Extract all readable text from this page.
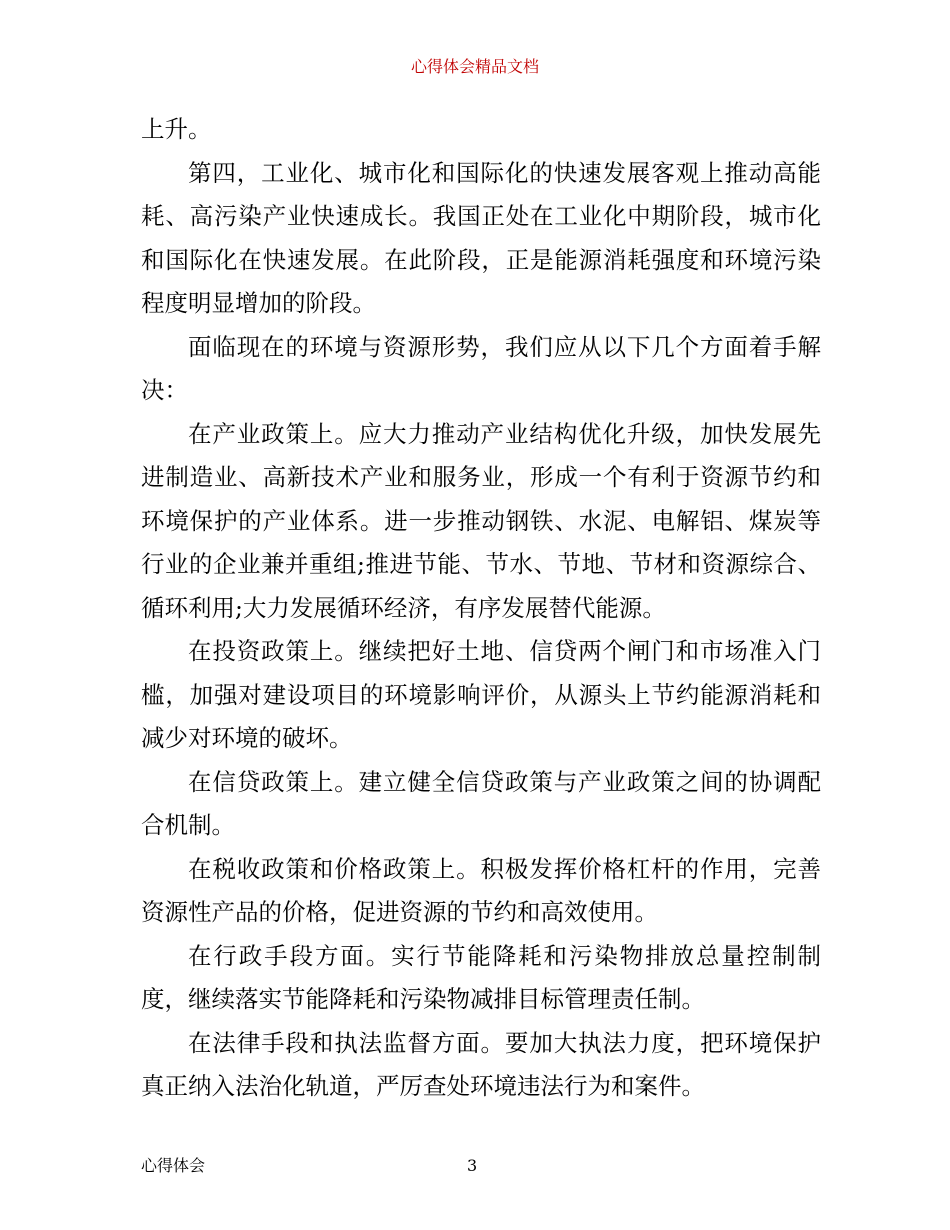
心得体会精品文档

上升。

第四，工业化、城市化和国际化的快速发展客观上推动高能耗、高污染产业快速成长。我国正处在工业化中期阶段，城市化和国际化在快速发展。在此阶段，正是能源消耗强度和环境污染程度明显增加的阶段。

面临现在的环境与资源形势，我们应从以下几个方面着手解决：

在产业政策上。应大力推动产业结构优化升级，加快发展先进制造业、高新技术产业和服务业，形成一个有利于资源节约和环境保护的产业体系。进一步推动钢铁、水泥、电解铝、煤炭等行业的企业兼并重组;推进节能、节水、节地、节材和资源综合、循环利用;大力发展循环经济，有序发展替代能源。

在投资政策上。继续把好土地、信贷两个闸门和市场准入门槛，加强对建设项目的环境影响评价，从源头上节约能源消耗和减少对环境的破坏。

在信贷政策上。建立健全信贷政策与产业政策之间的协调配合机制。

在税收政策和价格政策上。积极发挥价格杠杆的作用，完善资源性产品的价格，促进资源的节约和高效使用。

在行政手段方面。实行节能降耗和污染物排放总量控制制度，继续落实节能降耗和污染物减排目标管理责任制。

在法律手段和执法监督方面。要加大执法力度，把环境保护真正纳入法治化轨道，严厉查处环境违法行为和案件。

心得体会	3
